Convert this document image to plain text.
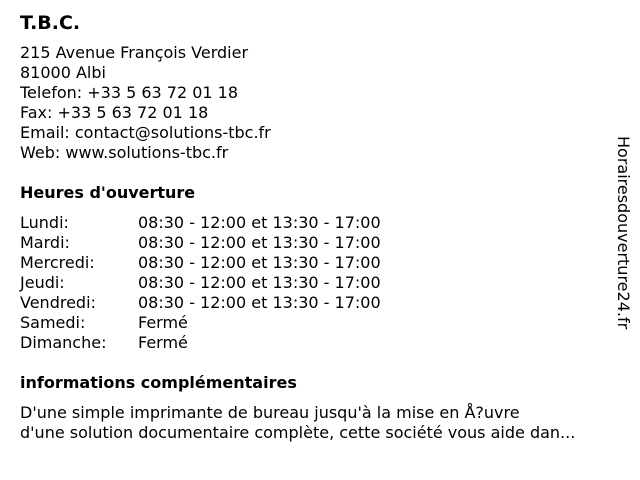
T.B.C.
215 Avenue François Verdier
81000 Albi
Telefon: +33 5 63 72 01 18
Fax: +33 5 63 72 01 18
Email: contact@solutions-tbc.fr
Web: www.solutions-tbc.fr
Heures d'ouverture
Lundi:	08:30 - 12:00 et 13:30 - 17:00
Mardi:	08:30 - 12:00 et 13:30 - 17:00
Mercredi:	08:30 - 12:00 et 13:30 - 17:00
Jeudi:	08:30 - 12:00 et 13:30 - 17:00
Vendredi:	08:30 - 12:00 et 13:30 - 17:00
Samedi:	Fermé
Dimanche:	Fermé
informations complémentaires
D'une simple imprimante de bureau jusqu'à la mise en Å?uvre
d'une solution documentaire complète, cette société vous aide dan...
Horairesdouverture24.fr
